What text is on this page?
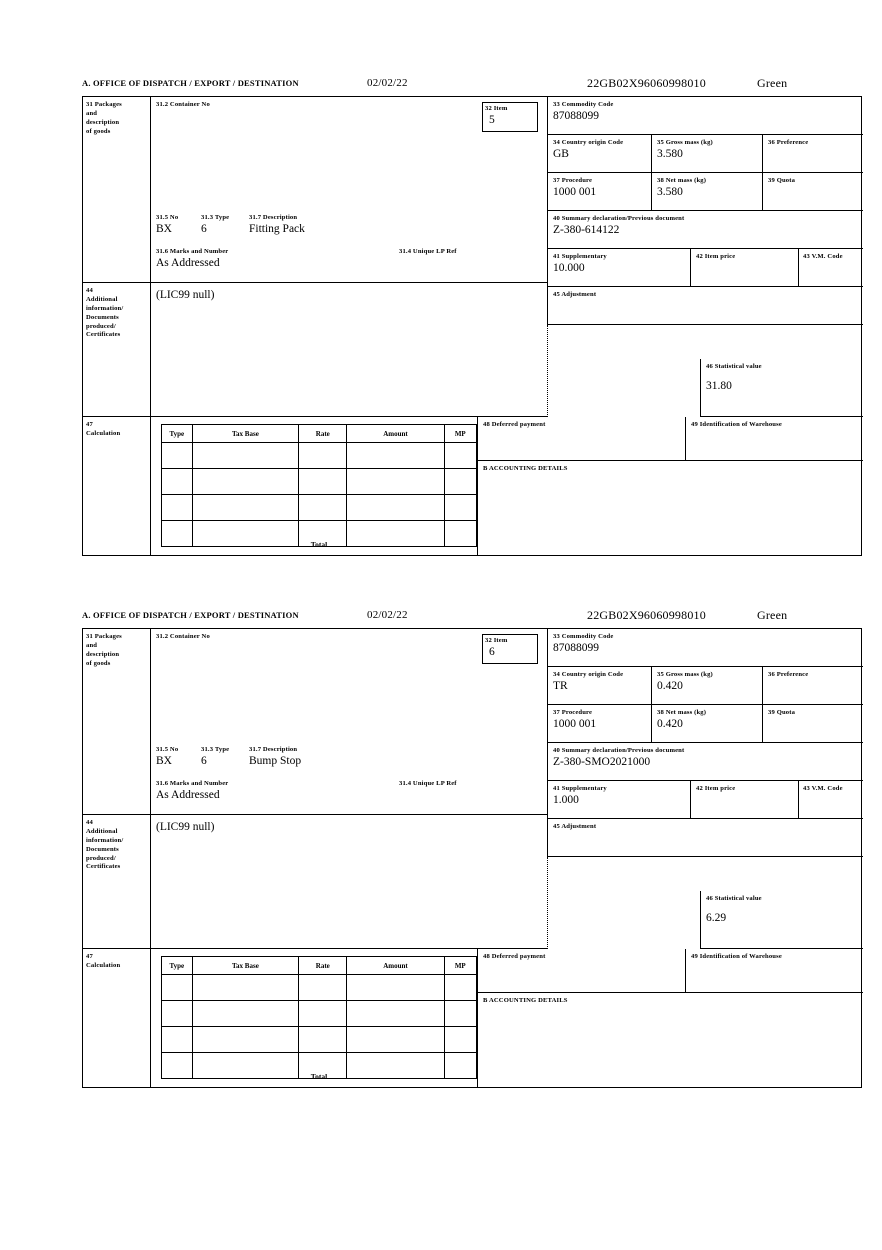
A. OFFICE OF DISPATCH / EXPORT / DESTINATION	02/02/22	22GB02X96060998010	Green
31 Packages
and
description
of goods
31.2 Container No
31.5 No	31.3 Type	31.7 Description
BX	6	Fitting Pack
31.6 Marks and Number	31.4 Unique LP Ref
As Addressed
32 Item
5
33 Commodity Code
87088099
34 Country origin Code
GB
35 Gross mass (kg)
3.580
36 Preference
37 Procedure
1000 001
38 Net mass (kg)
3.580
39 Quota
40 Summary declaration/Previous document
Z-380-614122
41 Supplementary
10.000
42 Item price	43 V.M. Code
44
Additional
information/
Documents
produced/
Certificates
(LIC99 null)	45 Adjustment
46 Statistical value
31.80
47
Calculation	Type	Tax Base	Rate	Amount	MP

Total
48 Deferred payment	49 Identification of Warehouse
B ACCOUNTING DETAILS
A. OFFICE OF DISPATCH / EXPORT / DESTINATION	02/02/22	22GB02X96060998010	Green
31 Packages
and
description
of goods
31.2 Container No
31.5 No	31.3 Type	31.7 Description
BX	6	Bump Stop
31.6 Marks and Number	31.4 Unique LP Ref
As Addressed
32 Item
6
33 Commodity Code
87088099
34 Country origin Code
TR
35 Gross mass (kg)
0.420
36 Preference
37 Procedure
1000 001
38 Net mass (kg)
0.420
39 Quota
40 Summary declaration/Previous document
Z-380-SMO2021000
41 Supplementary
1.000
42 Item price	43 V.M. Code
44
Additional
information/
Documents
produced/
Certificates
(LIC99 null)	45 Adjustment
46 Statistical value
6.29
47
Calculation	Type	Tax Base	Rate	Amount	MP

Total
48 Deferred payment	49 Identification of Warehouse
B ACCOUNTING DETAILS
